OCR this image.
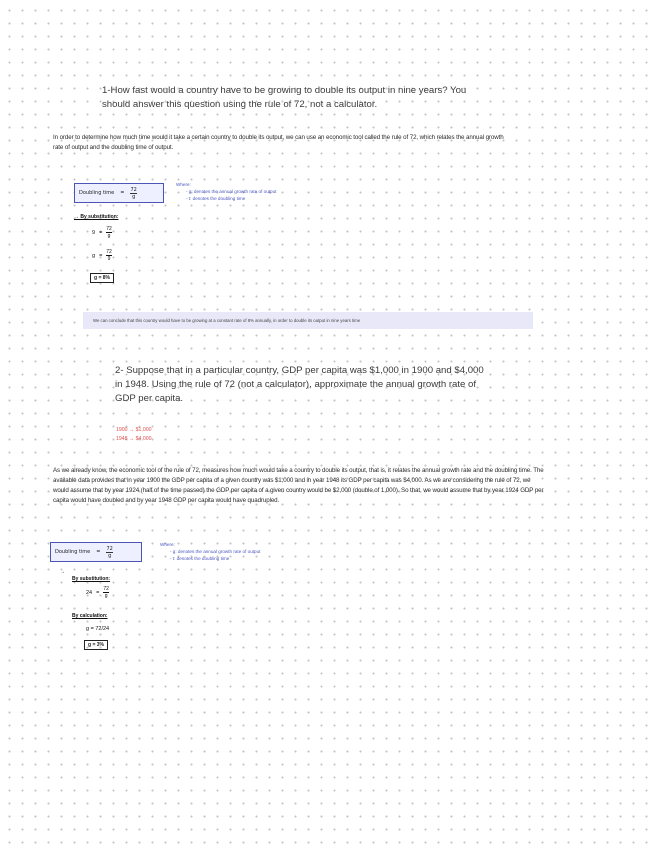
1-How fast would a country have to be growing to double its output in nine years? You
should answer this question using the rule of 72, not a calculator.
In order to determine how much time would it take a certain country to double its output, we can use an economic tool called the rule of 72, which relates the annual growth
rate of output and the doubling time of output.
Doubling time = $\frac{72}{g}$
Where:
- g: denotes the annual growth rate of output
- t: denotes the doubling time
→ By substitution:
$9 = \frac{72}{g}$
$g = \frac{72}{9}$
g = 8%
We can conclude that this country would have to be growing at a constant rate of 8% annually, in order to double its output in nine years time
2- Suppose that in a particular country, GDP per capita was $1,000 in 1900 and $4,000
in 1948. Using the rule of 72 (not a calculator), approximate the annual growth rate of
GDP per capita.
1900 → $1,000
1948 → $4,000
As we already know, the economic tool of the rule of 72, measures how much would take a country to double its output, that is, it relates the annual growth rate and the doubling time. The
available data provides that in year 1900 the GDP per capita of a given country was $1,000 and in year 1948 its GDP per capita was $4,000. As we are considering the rule of 72, we
would assume that by year 1924 (half of the time passed) the GDP per capita of a given country would be $2,000 (double of 1,000). So that, we would assume that by year 1924 GDP per
capita would have doubled and by year 1948 GDP per capita would have quadrupled.
Doubling time = $\frac{72}{g}$
Where:
- g: denotes the annual growth rate of output
- t: denotes the doubling time
→
By substitution:
$24 = \frac{72}{g}$
By calculation:
g = 72/24
g = 3%
